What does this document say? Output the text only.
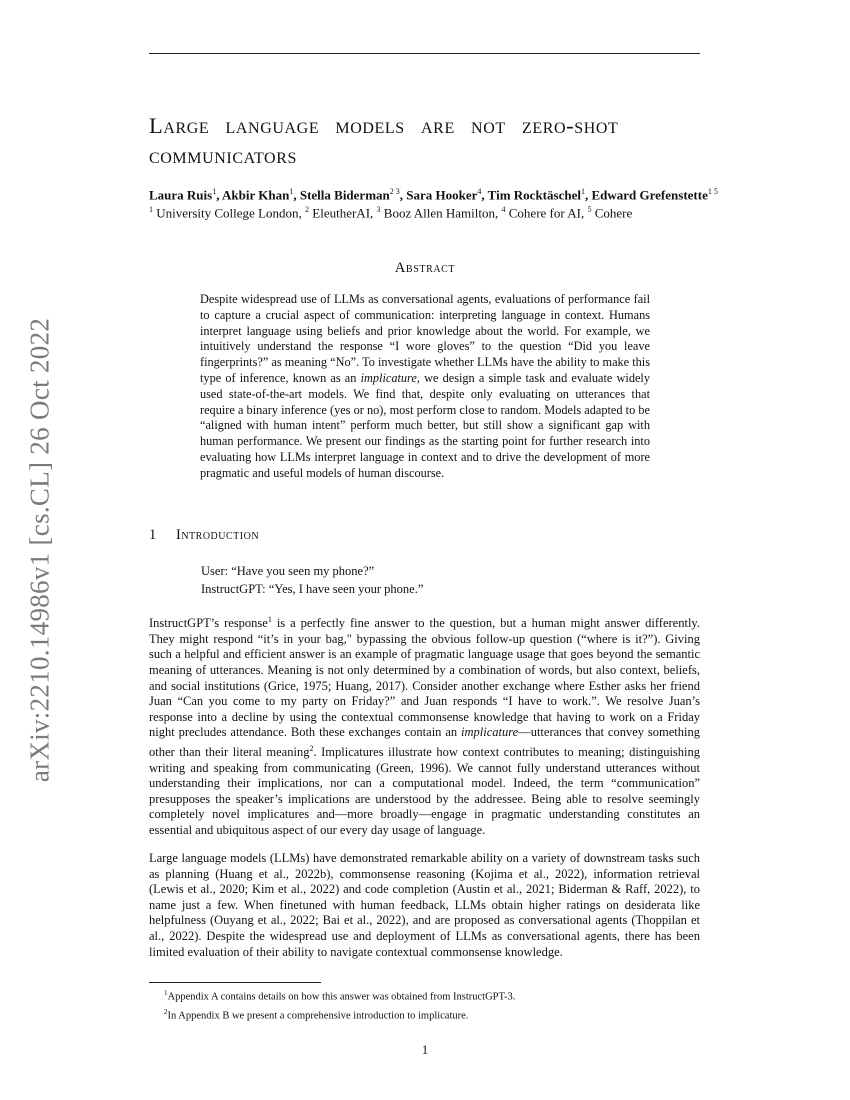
arXiv:2210.14986v1 [cs.CL] 26 Oct 2022
Large language models are not zero-shot
communicators
Laura Ruis$^1$, Akbir Khan$^1$, Stella Biderman$^{2 3}$, Sara Hooker$^4$, Tim Rocktäschel$^1$, Edward Grefenstette$^{1 5}$
$^1$ University College London, $^2$ EleutherAI, $^3$ Booz Allen Hamilton, $^4$ Cohere for AI, $^5$ Cohere
Abstract
Despite widespread use of LLMs as conversational agents, evaluations of performance fail to capture a crucial aspect of communication: interpreting language in context. Humans interpret language using beliefs and prior knowledge about the world. For example, we intuitively understand the response “I wore gloves” to the question “Did you leave fingerprints?” as meaning “No”. To investigate whether LLMs have the ability to make this type of inference, known as an implicature, we design a simple task and evaluate widely used state-of-the-art models. We find that, despite only evaluating on utterances that require a binary inference (yes or no), most perform close to random. Models adapted to be “aligned with human intent” perform much better, but still show a significant gap with human performance. We present our findings as the starting point for further research into evaluating how LLMs interpret language in context and to drive the development of more pragmatic and useful models of human discourse.
1 Introduction
User: “Have you seen my phone?”
InstructGPT: “Yes, I have seen your phone.”
InstructGPT’s response$^1$ is a perfectly fine answer to the question, but a human might answer differently. They might respond “it’s in your bag," bypassing the obvious follow-up question (“where is it?”). Giving such a helpful and efficient answer is an example of pragmatic language usage that goes beyond the semantic meaning of utterances. Meaning is not only determined by a combination of words, but also context, beliefs, and social institutions (Grice, 1975; Huang, 2017). Consider another exchange where Esther asks her friend Juan “Can you come to my party on Friday?” and Juan responds “I have to work.”. We resolve Juan’s response into a decline by using the contextual commonsense knowledge that having to work on a Friday night precludes attendance. Both these exchanges contain an implicature—utterances that convey something other than their literal meaning$^2$. Implicatures illustrate how context contributes to meaning; distinguishing writing and speaking from communicating (Green, 1996). We cannot fully understand utterances without understanding their implications, nor can a computational model. Indeed, the term “communication” presupposes the speaker’s implications are understood by the addressee. Being able to resolve seemingly completely novel implicatures and—more broadly—engage in pragmatic understanding constitutes an essential and ubiquitous aspect of our every day usage of language.
Large language models (LLMs) have demonstrated remarkable ability on a variety of downstream tasks such as planning (Huang et al., 2022b), commonsense reasoning (Kojima et al., 2022), information retrieval (Lewis et al., 2020; Kim et al., 2022) and code completion (Austin et al., 2021; Biderman & Raff, 2022), to name just a few. When finetuned with human feedback, LLMs obtain higher ratings on desiderata like helpfulness (Ouyang et al., 2022; Bai et al., 2022), and are proposed as conversational agents (Thoppilan et al., 2022). Despite the widespread use and deployment of LLMs as conversational agents, there has been limited evaluation of their ability to navigate contextual commonsense knowledge.
$^1$Appendix A contains details on how this answer was obtained from InstructGPT-3.
$^2$In Appendix B we present a comprehensive introduction to implicature.
1
